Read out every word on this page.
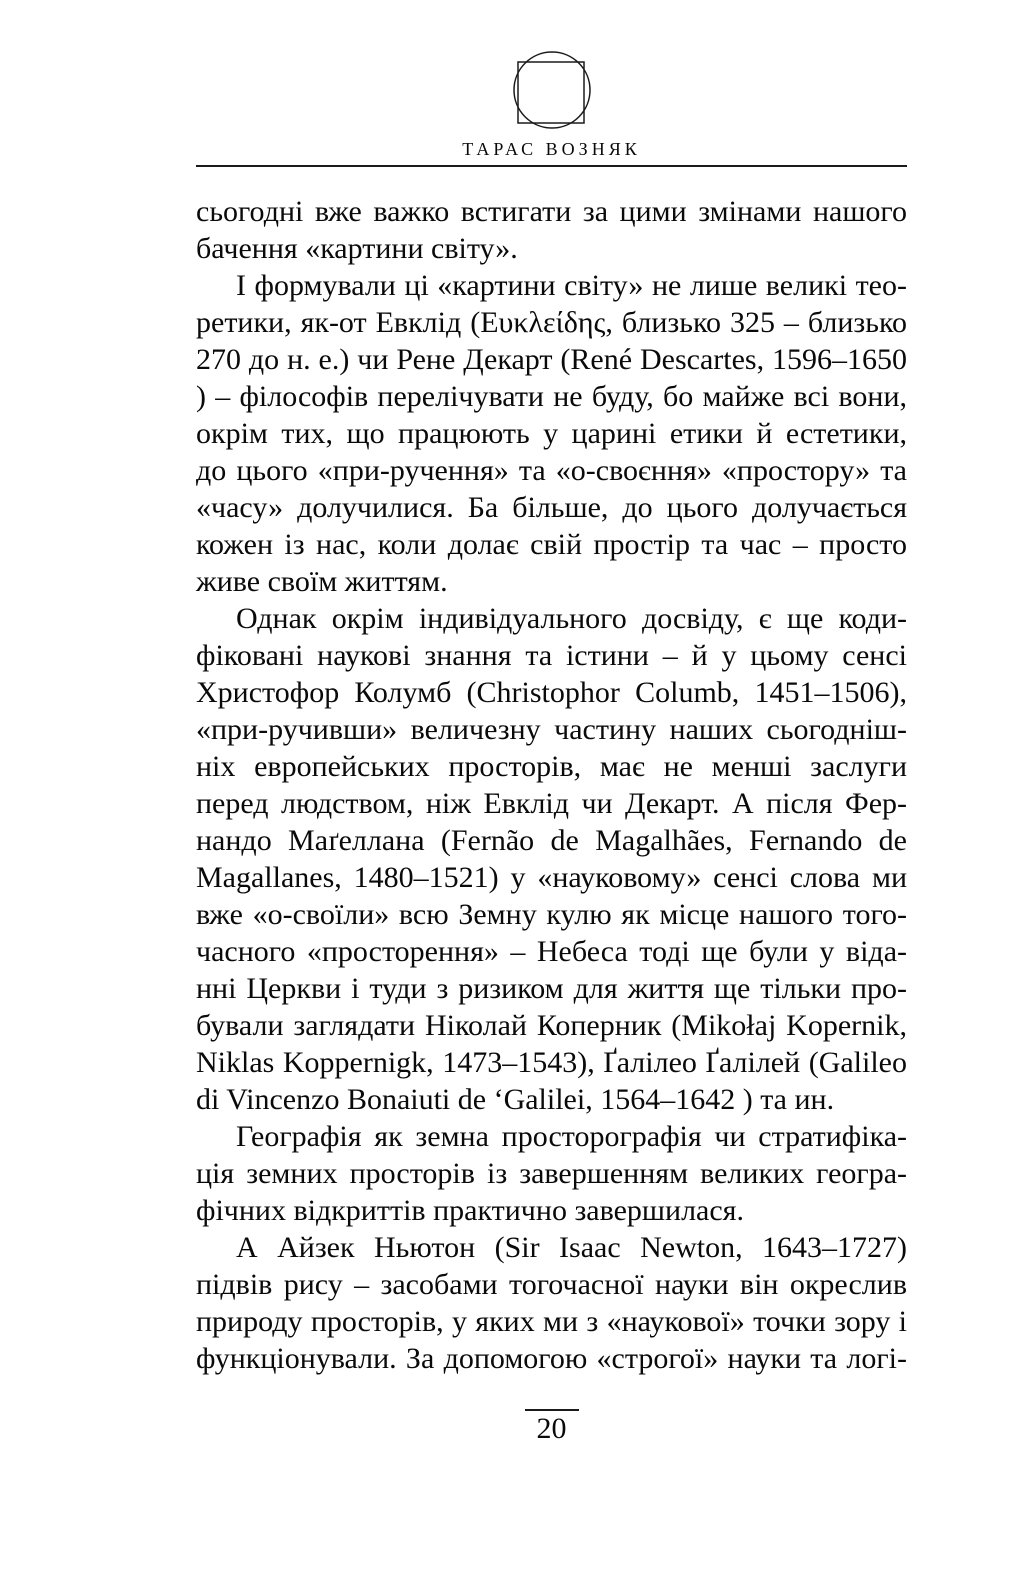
ТАРАС ВОЗНЯК
сьогодні вже важко встигати за цими змінами нашого
бачення «картини світу».
І формували ці «картини світу» не лише великі тео-
ретики, як-от Евклід (Ευκλείδης, близько 325 – близько
270 до н. е.) чи Рене Декарт (René Descartes, 1596–1650
) – філософів перелічувати не буду, бо майже всі вони,
окрім тих, що працюють у царині етики й естетики,
до цього «при-ручення» та «о-своєння» «простору» та
«часу» долучилися. Ба більше, до цього долучається
кожен із нас, коли долає свій простір та час – просто
живе своїм життям.
Однак окрім індивідуального досвіду, є ще коди-
фіковані наукові знання та істини – й у цьому сенсі
Христофор Колумб (Christophor Columb, 1451–1506),
«при-ручивши» величезну частину наших сьогодніш-
ніх европейських просторів, має не менші заслуги
перед людством, ніж Евклід чи Декарт. А після Фер-
нандо Маґеллана (Fernão de Magalhães, Fernando de
Magallanes, 1480–1521) у «науковому» сенсі слова ми
вже «о-своїли» всю Земну кулю як місце нашого того-
часного «просторення» – Небеса тоді ще були у віда-
нні Церкви і туди з ризиком для життя ще тільки про-
бували заглядати Ніколай Коперник (Mikołaj Kopernik,
Niklas Koppernigk, 1473–1543), Ґалілео Ґалілей (Galileo
di Vincenzo Bonaiuti de ‘Galilei, 1564–1642 ) та ин.
Географія як земна просторографія чи стратифіка-
ція земних просторів із завершенням великих геогра-
фічних відкриттів практично завершилася.
А Айзек Ньютон (Sir Isaac Newton, 1643–1727)
підвів рису – засобами тогочасної науки він окреслив
природу просторів, у яких ми з «наукової» точки зору і
функціонували. За допомогою «строгої» науки та логі-
20
